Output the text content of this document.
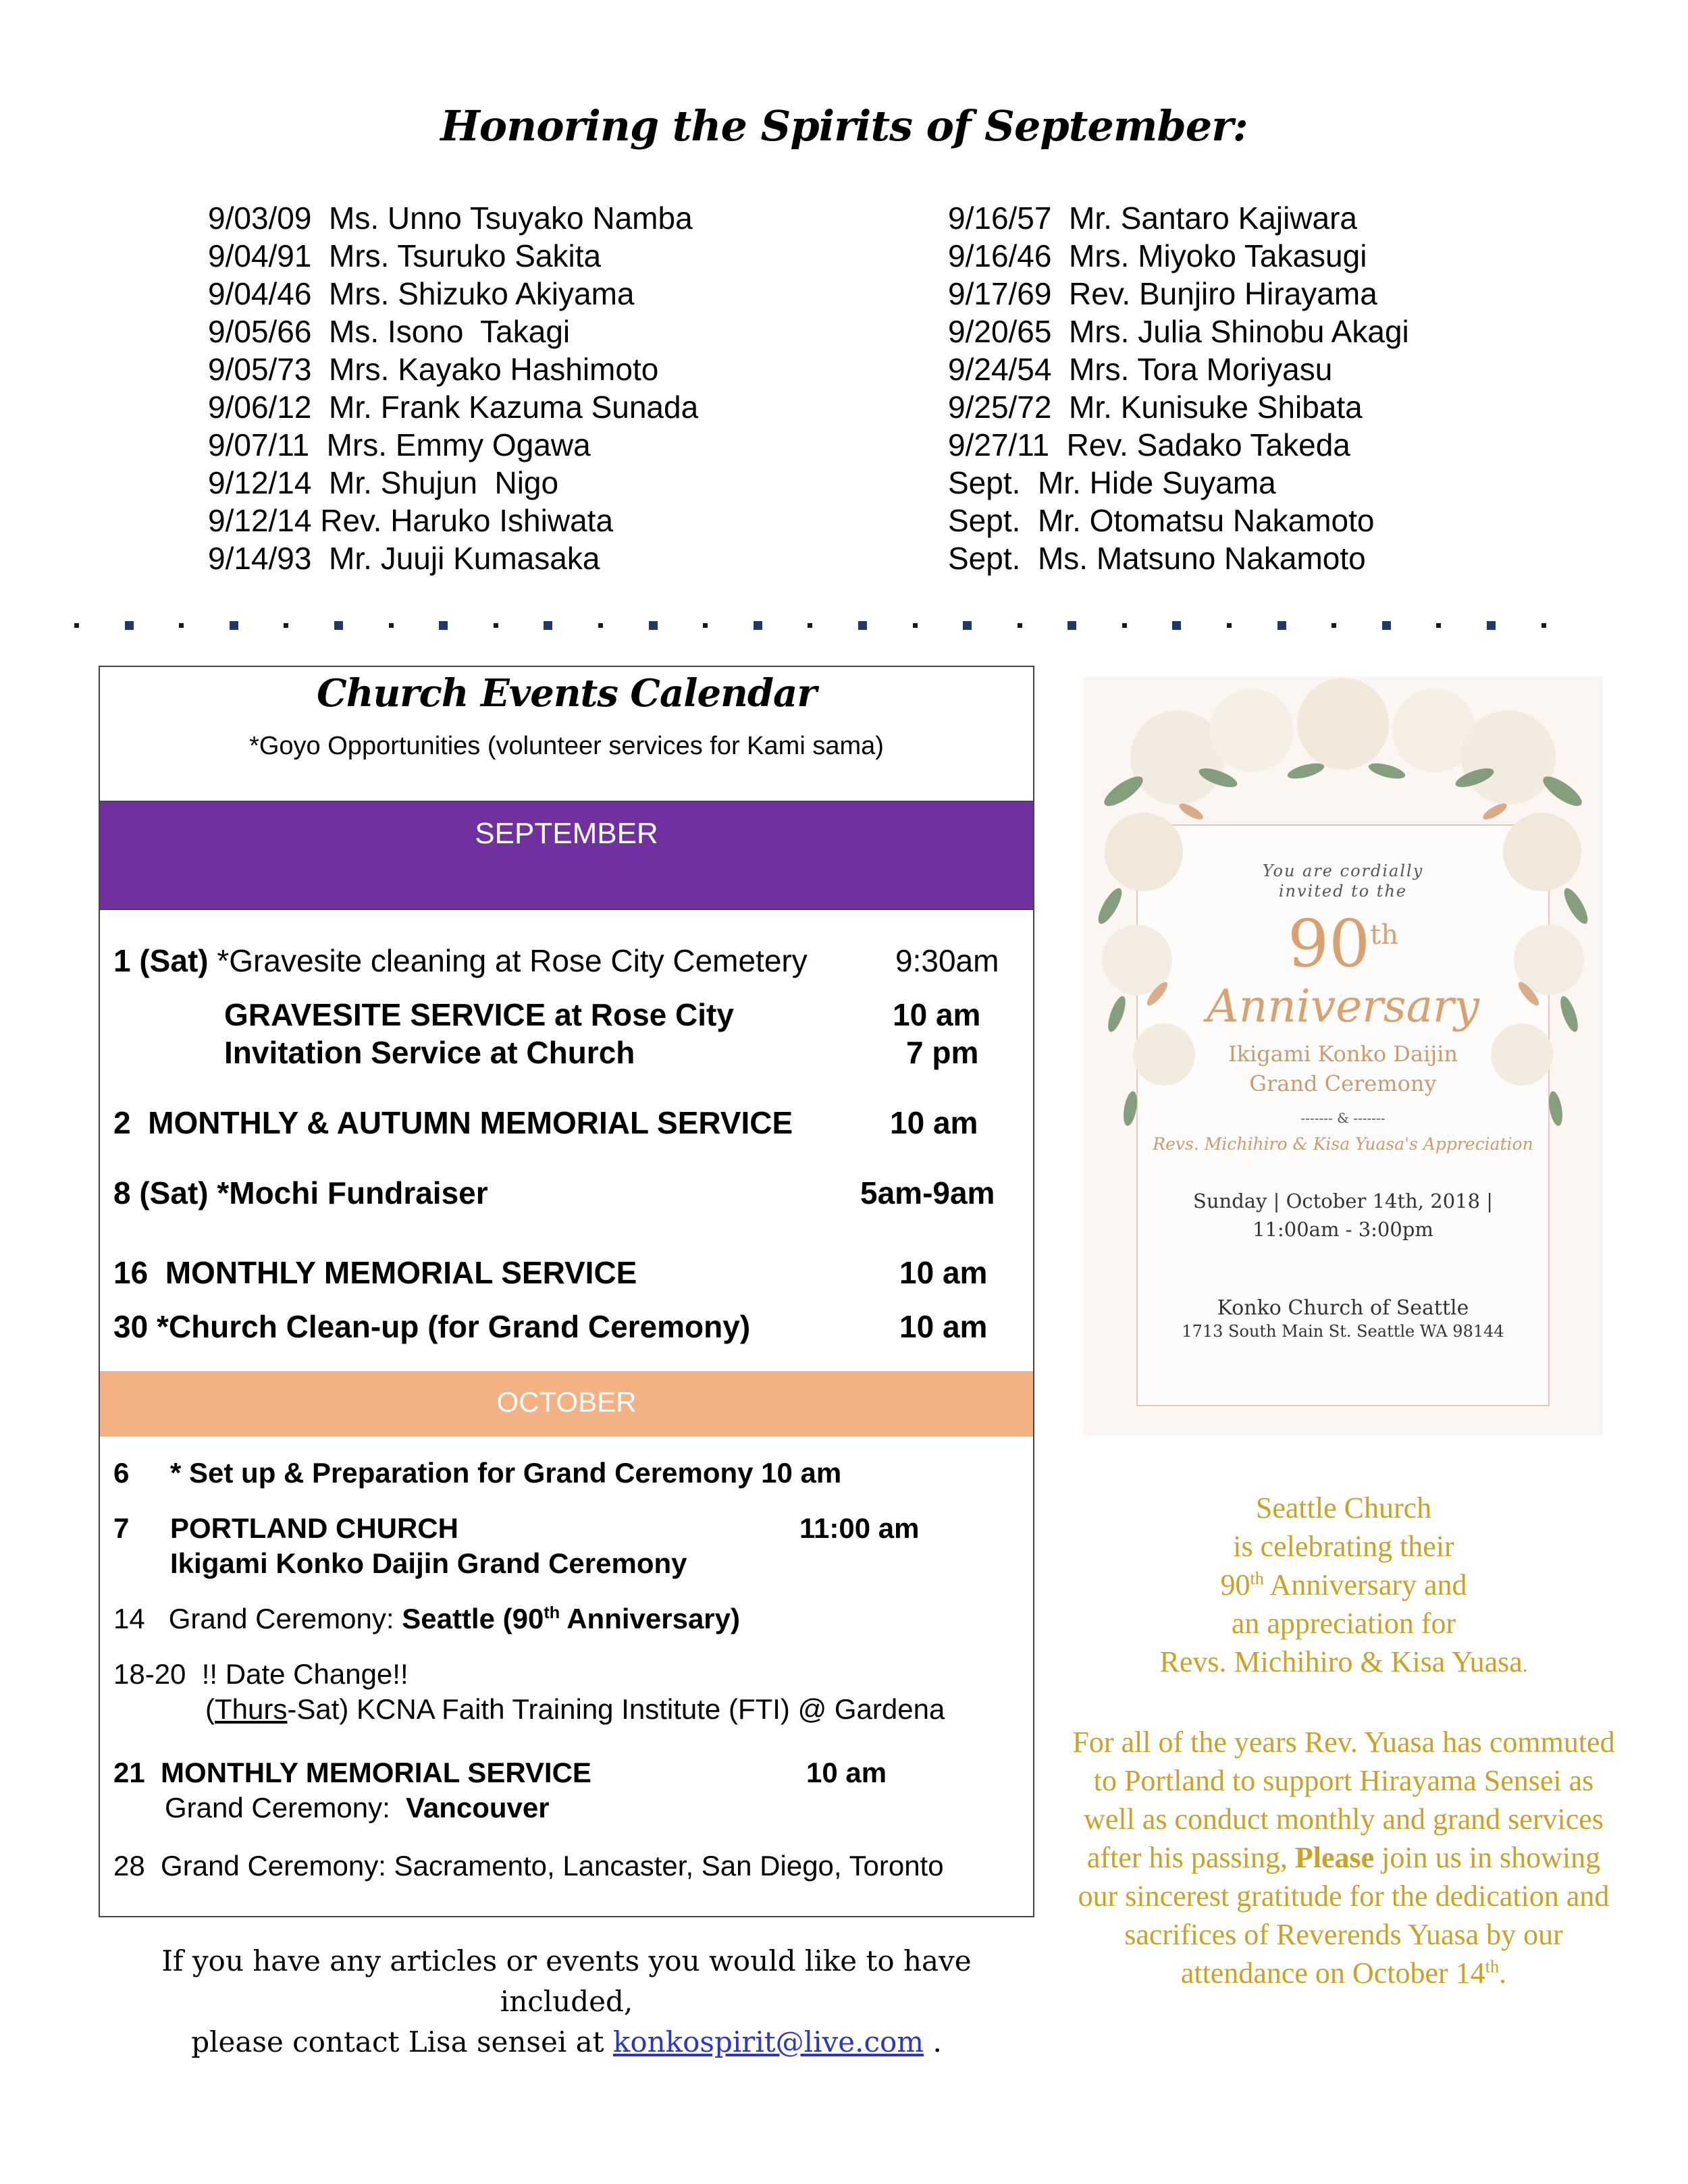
Honoring the Spirits of September:
9/03/09  Ms. Unno Tsuyako Namba
9/04/91  Mrs. Tsuruko Sakita
9/04/46  Mrs. Shizuko Akiyama
9/05/66  Ms. Isono  Takagi
9/05/73  Mrs. Kayako Hashimoto
9/06/12  Mr. Frank Kazuma Sunada
9/07/11  Mrs. Emmy Ogawa
9/12/14  Mr. Shujun  Nigo
9/12/14 Rev. Haruko Ishiwata
9/14/93  Mr. Juuji Kumasaka
9/16/57  Mr. Santaro Kajiwara
9/16/46  Mrs. Miyoko Takasugi
9/17/69  Rev. Bunjiro Hirayama
9/20/65  Mrs. Julia Shinobu Akagi
9/24/54  Mrs. Tora Moriyasu
9/25/72  Mr. Kunisuke Shibata
9/27/11  Rev. Sadako Takeda
Sept.  Mr. Hide Suyama
Sept.  Mr. Otomatsu Nakamoto
Sept.  Ms. Matsuno Nakamoto
Church Events Calendar
*Goyo Opportunities (volunteer services for Kami sama)
SEPTEMBER
1 (Sat) *Gravesite cleaning at Rose City Cemetery	9:30am
GRAVESITE SERVICE at Rose City	10 am
Invitation Service at Church	7 pm
2  MONTHLY & AUTUMN MEMORIAL SERVICE	10 am
8 (Sat) *Mochi Fundraiser	5am-9am
16  MONTHLY MEMORIAL SERVICE	10 am
30 *Church Clean-up (for Grand Ceremony)	10 am
OCTOBER
6 * Set up & Preparation for Grand Ceremony 10 am
7 PORTLAND CHURCH	11:00 am
Ikigami Konko Daijin Grand Ceremony
14 Grand Ceremony: Seattle (90th Anniversary)
18-20 !! Date Change!!
(Thurs-Sat) KCNA Faith Training Institute (FTI) @ Gardena
21  MONTHLY MEMORIAL SERVICE	10 am
Grand Ceremony: Vancouver
28  Grand Ceremony: Sacramento, Lancaster, San Diego, Toronto
If you have any articles or events you would like to have included,
please contact Lisa sensei at konkospirit@live.com .
You are cordially
invited to the
90th
Anniversary
Ikigami Konko Daijin
Grand Ceremony
------- & -------
Revs. Michihiro & Kisa Yuasa's Appreciation
Sunday | October 14th, 2018 |
11:00am - 3:00pm
Konko Church of Seattle
1713 South Main St. Seattle WA 98144

Seattle Church

is celebrating their

90th Anniversary and

an appreciation for

Revs. Michihiro & Kisa Yuasa.

For all of the years Rev. Yuasa has commuted to Portland to support Hirayama Sensei as well as conduct monthly and grand services after his passing, Please join us in showing our sincerest gratitude for the dedication and sacrifices of Reverends Yuasa by our attendance on October 14th.
